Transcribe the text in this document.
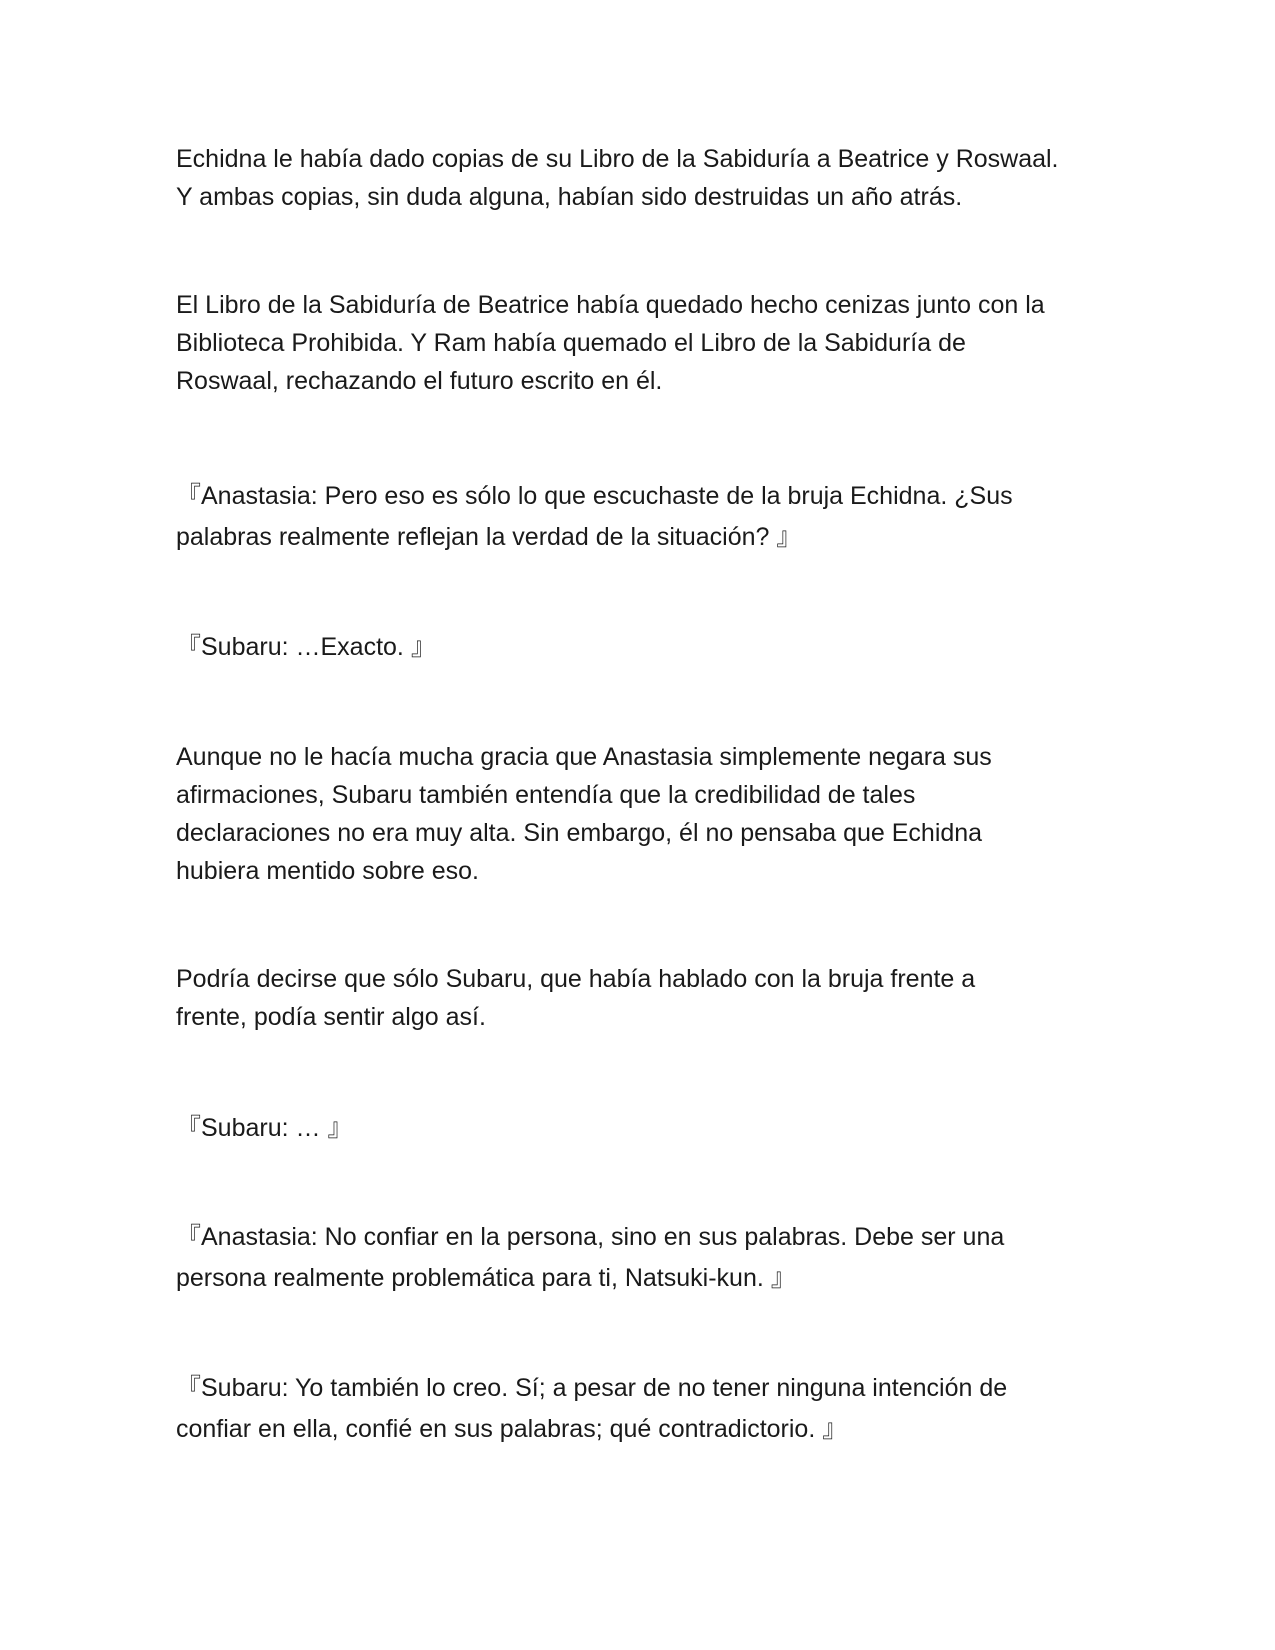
Echidna le había dado copias de su Libro de la Sabiduría a Beatrice y Roswaal.
Y ambas copias, sin duda alguna, habían sido destruidas un año atrás.

El Libro de la Sabiduría de Beatrice había quedado hecho cenizas junto con la
Biblioteca Prohibida. Y Ram había quemado el Libro de la Sabiduría de
Roswaal, rechazando el futuro escrito en él.

『Anastasia: Pero eso es sólo lo que escuchaste de la bruja Echidna. ¿Sus
palabras realmente reflejan la verdad de la situación? 』

『Subaru: …Exacto. 』

Aunque no le hacía mucha gracia que Anastasia simplemente negara sus
afirmaciones, Subaru también entendía que la credibilidad de tales
declaraciones no era muy alta. Sin embargo, él no pensaba que Echidna
hubiera mentido sobre eso.

Podría decirse que sólo Subaru, que había hablado con la bruja frente a
frente, podía sentir algo así.

『Subaru: … 』

『Anastasia: No confiar en la persona, sino en sus palabras. Debe ser una
persona realmente problemática para ti, Natsuki-kun. 』

『Subaru: Yo también lo creo. Sí; a pesar de no tener ninguna intención de
confiar en ella, confié en sus palabras; qué contradictorio. 』
